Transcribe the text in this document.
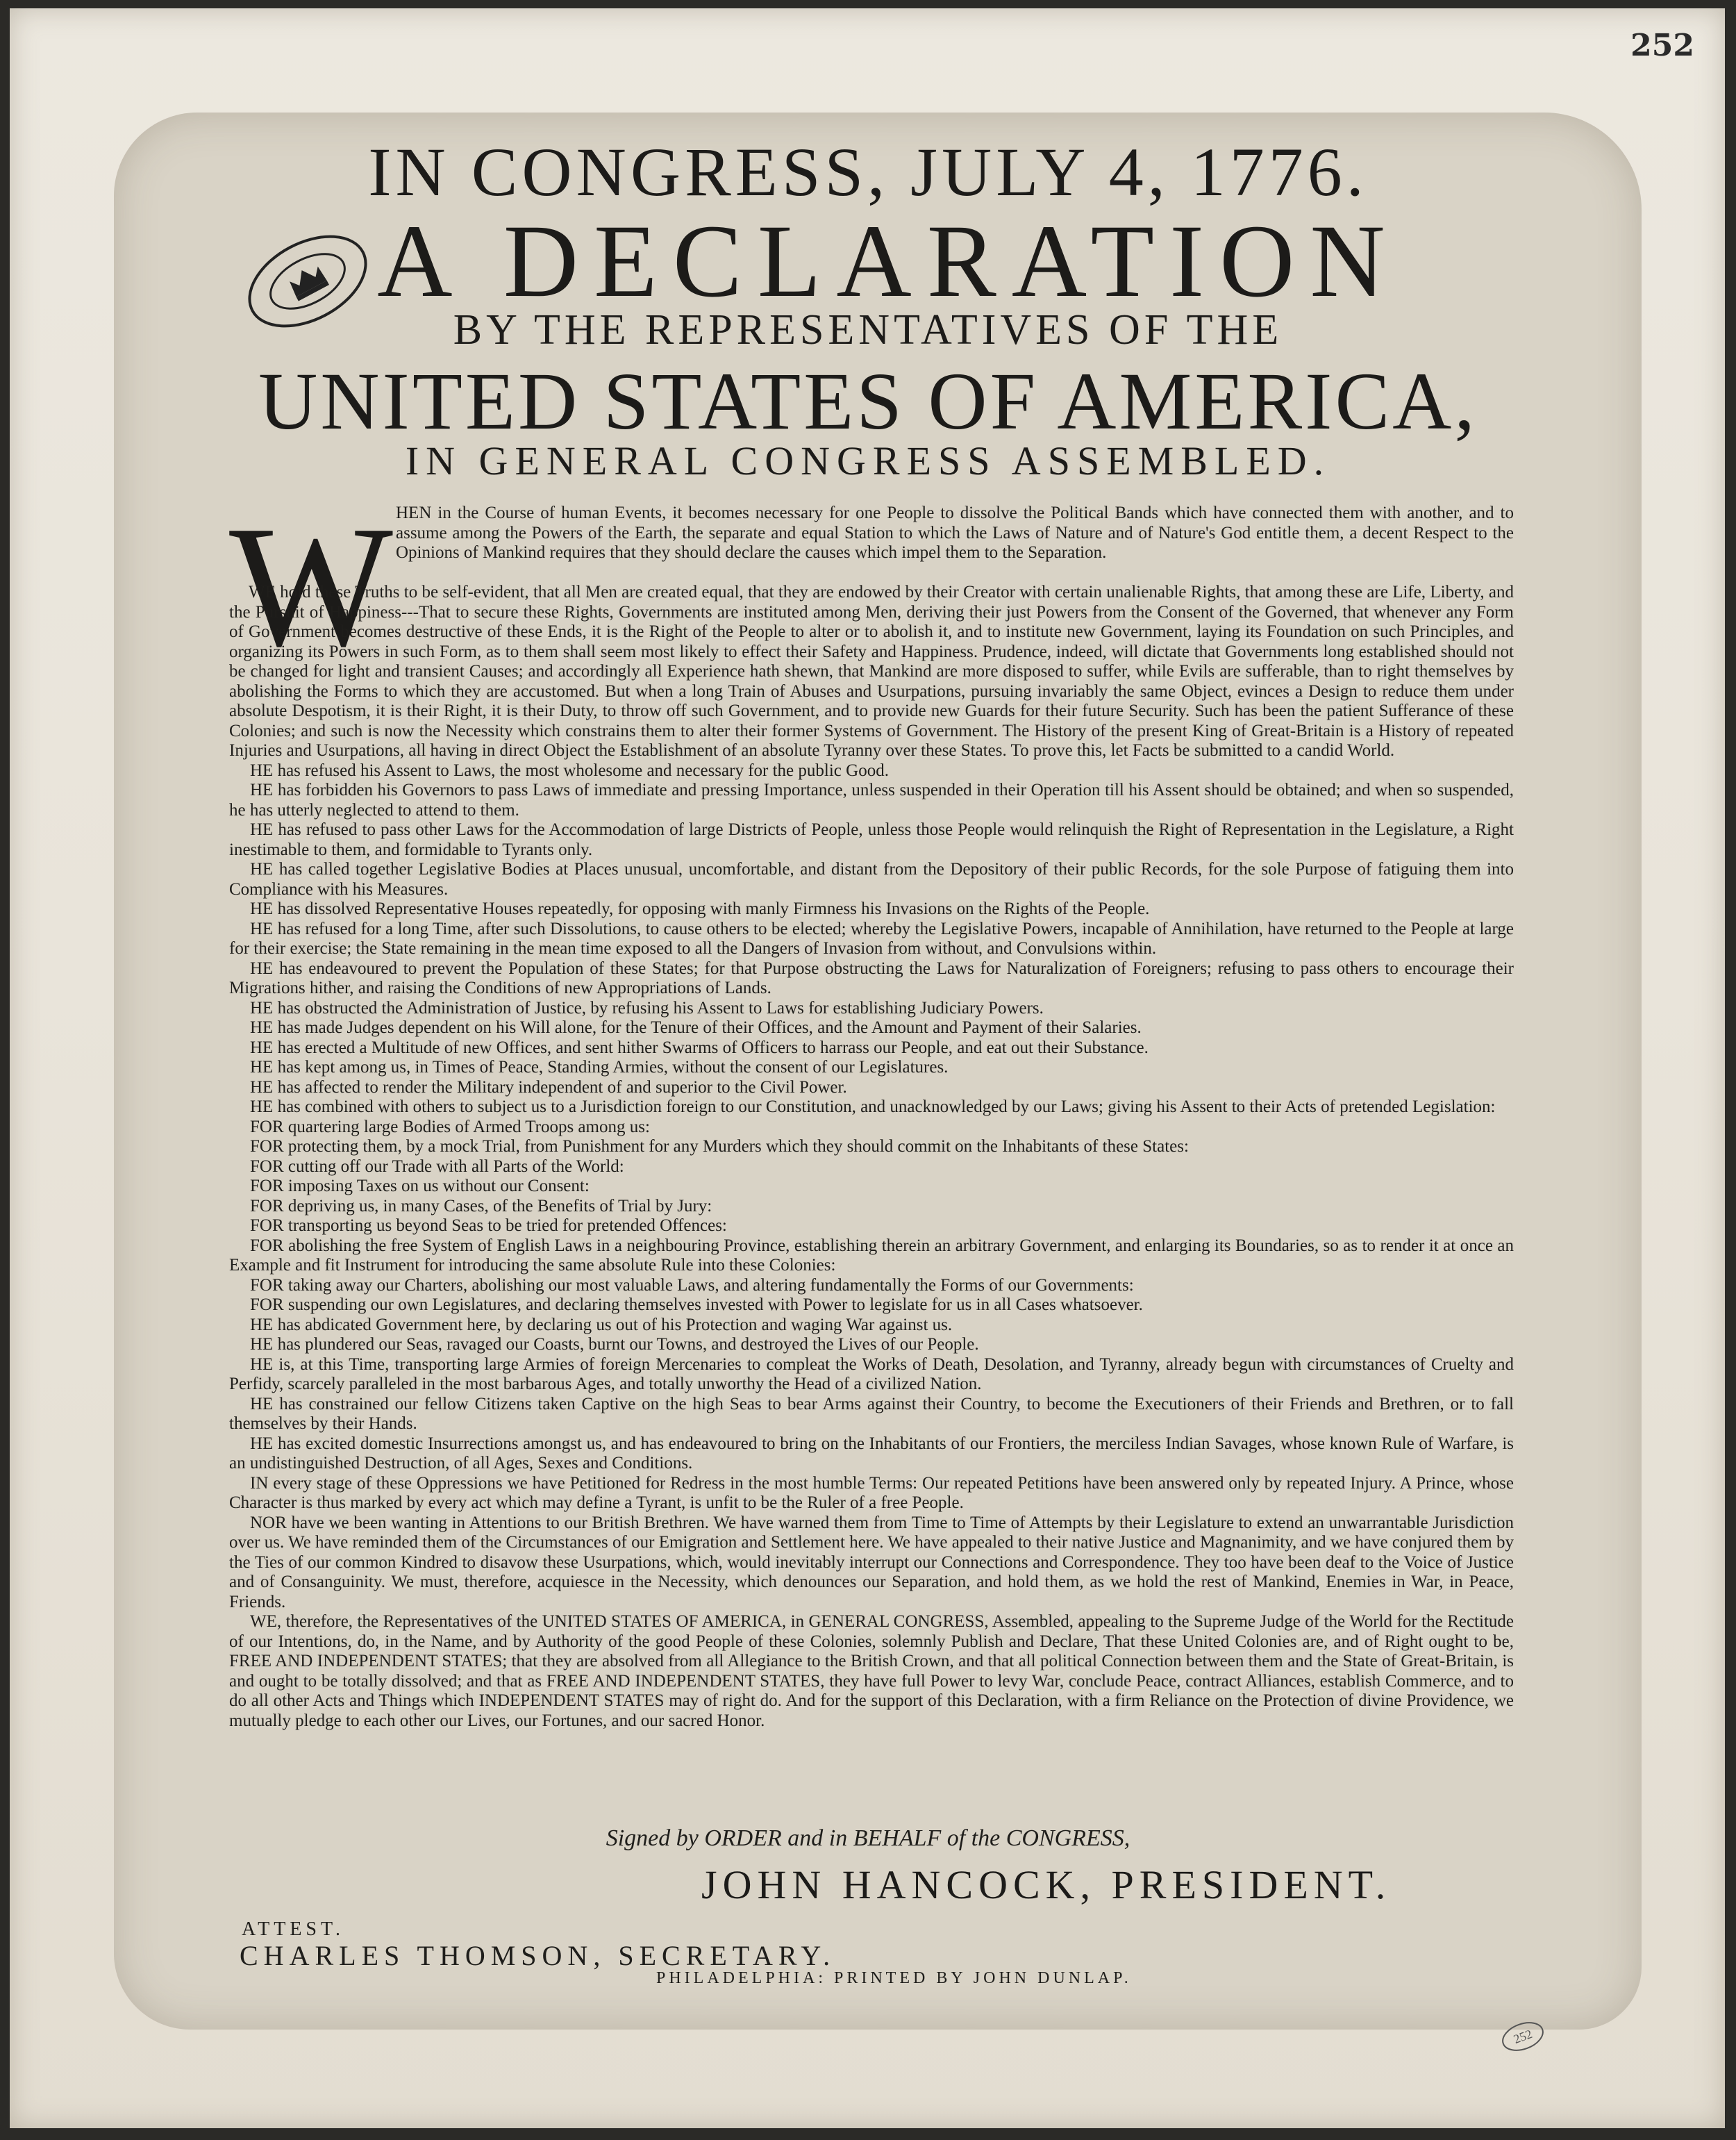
252
IN CONGRESS, JULY 4, 1776.
A DECLARATION
BY THE REPRESENTATIVES OF THE
UNITED STATES OF AMERICA,
IN GENERAL CONGRESS ASSEMBLED.
W HEN in the Course of human Events, it becomes necessary for one People to dissolve the Political Bands which have connected them with another, and to assume among the Powers of the Earth, the separate and equal Station to which the Laws of Nature and of Nature's God entitle them, a decent Respect to the Opinions of Mankind requires that they should declare the causes which impel them to the Separation.

WE hold these Truths to be self-evident, that all Men are created equal, that they are endowed by their Creator with certain unalienable Rights, that among these are Life, Liberty, and the Pursuit of Happiness---That to secure these Rights, Governments are instituted among Men, deriving their just Powers from the Consent of the Governed, that whenever any Form of Government becomes destructive of these Ends, it is the Right of the People to alter or to abolish it, and to institute new Government, laying its Foundation on such Principles, and organizing its Powers in such Form, as to them shall seem most likely to effect their Safety and Happiness. Prudence, indeed, will dictate that Governments long established should not be changed for light and transient Causes; and accordingly all Experience hath shewn, that Mankind are more disposed to suffer, while Evils are sufferable, than to right themselves by abolishing the Forms to which they are accustomed. But when a long Train of Abuses and Usurpations, pursuing invariably the same Object, evinces a Design to reduce them under absolute Despotism, it is their Right, it is their Duty, to throw off such Government, and to provide new Guards for their future Security. Such has been the patient Sufferance of these Colonies; and such is now the Necessity which constrains them to alter their former Systems of Government. The History of the present King of Great-Britain is a History of repeated Injuries and Usurpations, all having in direct Object the Establishment of an absolute Tyranny over these States. To prove this, let Facts be submitted to a candid World.

HE has refused his Assent to Laws, the most wholesome and necessary for the public Good.

HE has forbidden his Governors to pass Laws of immediate and pressing Importance, unless suspended in their Operation till his Assent should be obtained; and when so suspended, he has utterly neglected to attend to them.

HE has refused to pass other Laws for the Accommodation of large Districts of People, unless those People would relinquish the Right of Representation in the Legislature, a Right inestimable to them, and formidable to Tyrants only.

HE has called together Legislative Bodies at Places unusual, uncomfortable, and distant from the Depository of their public Records, for the sole Purpose of fatiguing them into Compliance with his Measures.

HE has dissolved Representative Houses repeatedly, for opposing with manly Firmness his Invasions on the Rights of the People.

HE has refused for a long Time, after such Dissolutions, to cause others to be elected; whereby the Legislative Powers, incapable of Annihilation, have returned to the People at large for their exercise; the State remaining in the mean time exposed to all the Dangers of Invasion from without, and Convulsions within.

HE has endeavoured to prevent the Population of these States; for that Purpose obstructing the Laws for Naturalization of Foreigners; refusing to pass others to encourage their Migrations hither, and raising the Conditions of new Appropriations of Lands.

HE has obstructed the Administration of Justice, by refusing his Assent to Laws for establishing Judiciary Powers.

HE has made Judges dependent on his Will alone, for the Tenure of their Offices, and the Amount and Payment of their Salaries.

HE has erected a Multitude of new Offices, and sent hither Swarms of Officers to harrass our People, and eat out their Substance.

HE has kept among us, in Times of Peace, Standing Armies, without the consent of our Legislatures.

HE has affected to render the Military independent of and superior to the Civil Power.

HE has combined with others to subject us to a Jurisdiction foreign to our Constitution, and unacknowledged by our Laws; giving his Assent to their Acts of pretended Legislation:

FOR quartering large Bodies of Armed Troops among us:

FOR protecting them, by a mock Trial, from Punishment for any Murders which they should commit on the Inhabitants of these States:

FOR cutting off our Trade with all Parts of the World:

FOR imposing Taxes on us without our Consent:

FOR depriving us, in many Cases, of the Benefits of Trial by Jury:

FOR transporting us beyond Seas to be tried for pretended Offences:

FOR abolishing the free System of English Laws in a neighbouring Province, establishing therein an arbitrary Government, and enlarging its Boundaries, so as to render it at once an Example and fit Instrument for introducing the same absolute Rule into these Colonies:

FOR taking away our Charters, abolishing our most valuable Laws, and altering fundamentally the Forms of our Governments:

FOR suspending our own Legislatures, and declaring themselves invested with Power to legislate for us in all Cases whatsoever.

HE has abdicated Government here, by declaring us out of his Protection and waging War against us.

HE has plundered our Seas, ravaged our Coasts, burnt our Towns, and destroyed the Lives of our People.

HE is, at this Time, transporting large Armies of foreign Mercenaries to compleat the Works of Death, Desolation, and Tyranny, already begun with circumstances of Cruelty and Perfidy, scarcely paralleled in the most barbarous Ages, and totally unworthy the Head of a civilized Nation.

HE has constrained our fellow Citizens taken Captive on the high Seas to bear Arms against their Country, to become the Executioners of their Friends and Brethren, or to fall themselves by their Hands.

HE has excited domestic Insurrections amongst us, and has endeavoured to bring on the Inhabitants of our Frontiers, the merciless Indian Savages, whose known Rule of Warfare, is an undistinguished Destruction, of all Ages, Sexes and Conditions.

IN every stage of these Oppressions we have Petitioned for Redress in the most humble Terms: Our repeated Petitions have been answered only by repeated Injury. A Prince, whose Character is thus marked by every act which may define a Tyrant, is unfit to be the Ruler of a free People.

NOR have we been wanting in Attentions to our British Brethren. We have warned them from Time to Time of Attempts by their Legislature to extend an unwarrantable Jurisdiction over us. We have reminded them of the Circumstances of our Emigration and Settlement here. We have appealed to their native Justice and Magnanimity, and we have conjured them by the Ties of our common Kindred to disavow these Usurpations, which, would inevitably interrupt our Connections and Correspondence. They too have been deaf to the Voice of Justice and of Consanguinity. We must, therefore, acquiesce in the Necessity, which denounces our Separation, and hold them, as we hold the rest of Mankind, Enemies in War, in Peace, Friends.

WE, therefore, the Representatives of the UNITED STATES OF AMERICA, in GENERAL CONGRESS, Assembled, appealing to the Supreme Judge of the World for the Rectitude of our Intentions, do, in the Name, and by Authority of the good People of these Colonies, solemnly Publish and Declare, That these United Colonies are, and of Right ought to be, FREE AND INDEPENDENT STATES; that they are absolved from all Allegiance to the British Crown, and that all political Connection between them and the State of Great-Britain, is and ought to be totally dissolved; and that as FREE AND INDEPENDENT STATES, they have full Power to levy War, conclude Peace, contract Alliances, establish Commerce, and to do all other Acts and Things which INDEPENDENT STATES may of right do. And for the support of this Declaration, with a firm Reliance on the Protection of divine Providence, we mutually pledge to each other our Lives, our Fortunes, and our sacred Honor.

Signed by ORDER and in BEHALF of the CONGRESS,
JOHN HANCOCK, PRESIDENT.
ATTEST.
CHARLES THOMSON, SECRETARY.
PHILADELPHIA: PRINTED BY JOHN DUNLAP.
252
